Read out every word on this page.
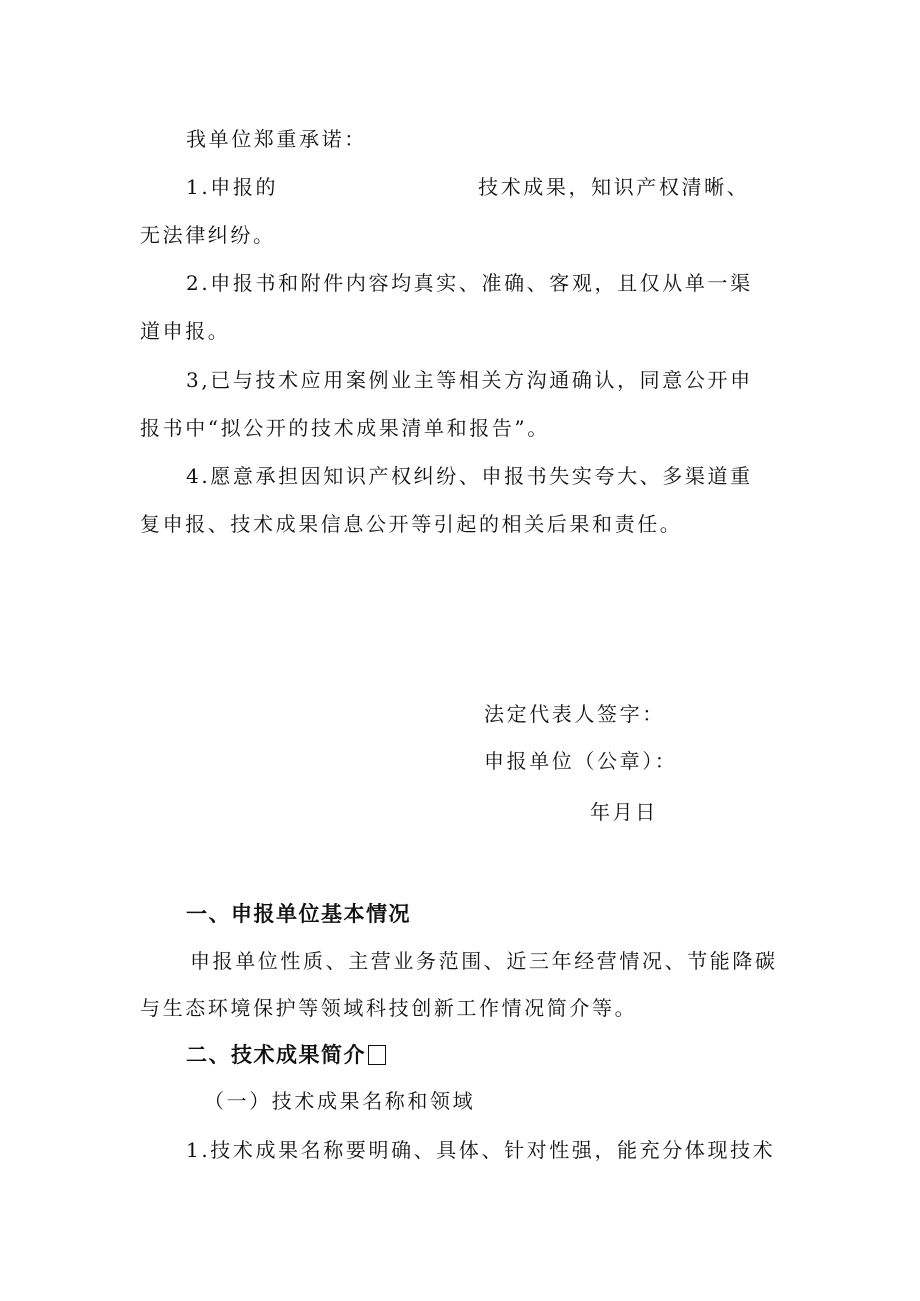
我单位郑重承诺：
1.申报的	技术成果，知识产权清晰、
无法律纠纷。
2.申报书和附件内容均真实、准确、客观，且仅从单一渠
道申报。
3,已与技术应用案例业主等相关方沟通确认，同意公开申
报书中“拟公开的技术成果清单和报告”。
4.愿意承担因知识产权纠纷、申报书失实夸大、多渠道重
复申报、技术成果信息公开等引起的相关后果和责任。
法定代表人签字：
申报单位（公章）：
年月日
一、申报单位基本情况
申报单位性质、主营业务范围、近三年经营情况、节能降碳
与生态环境保护等领域科技创新工作情况简介等。
二、技术成果简介
（一）技术成果名称和领域
1.技术成果名称要明确、具体、针对性强，能充分体现技术
